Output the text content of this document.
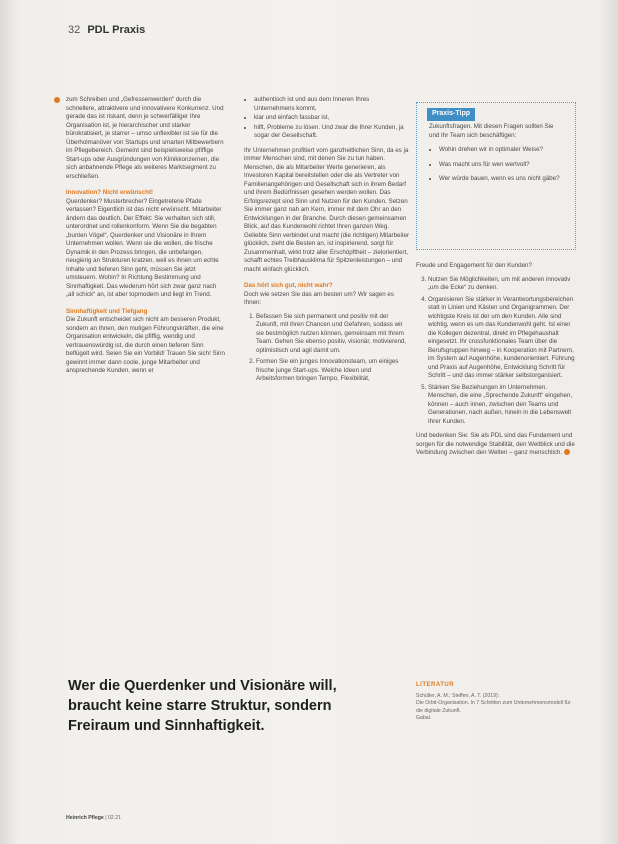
32 PDL Praxis

zum Schreiben und „Gefressenwerden“ durch die schnellere, attraktivere und innovativere Konkurrenz. Und gerade das ist riskant, denn je schwerfälliger Ihre Organisation ist, je hierarchischer und starker bürokratisiert, je starrer – umso unflexibler ist sie für die Überholmanöver von Startups und smarten Mitbewerbern im Pflegebereich. Gemeint sind beispielsweise pfiffige Start-ups oder Ausgründungen von Klinikkonzernen, die sich anbahnende Pflege als weiteres Marktsegment zu erschließen.

Innovation? Nicht erwünscht!

Querdenker? Musterbrecher? Eingetretene Pfade verlassen? Eigentlich ist das nicht erwünscht. Mitarbeiter ändern das deutlich. Der Effekt: Sie verhalten sich still, unterordnet und rollenkonform. Wenn Sie die begabten „bunten Vögel“, Querdenker und Visionäre in Ihrem Unternehmen wollen. Wenn sie die wollen, die frische Dynamik in den Prozess bringen, die unbefangen, neugierig an Strukturen kratzen, weil es ihnen um echte Inhalte und tieferen Sinn geht, müssen Sie jetzt umsteuern. Wohin? In Richtung Bestimmung und Sinnhaftigkeit. Das wiederum hört sich zwar ganz nach „all schick“ an, ist aber topmodern und liegt im Trend.

Sinnhaftigkeit und Tiefgang

Die Zukunft entscheidet sich nicht am besseren Produkt, sondern an Ihnen, den mutigen Führungskräften, die eine Organisation entwickeln, die pfiffig, wendig und vertrauenswürdig ist, die durch einen tieferen Sinn beflügelt wird. Seien Sie ein Vorbild! Trauen Sie sich! Sinn gewinnt immer dann coole, junge Mitarbeiter und ansprechende Kunden, wenn er

• authentisch ist und aus dem Inneren Ihres Unternehmens kommt,
• klar und einfach fassbar ist,
• hilft, Probleme zu lösen. Und zwar die Ihrer Kunden, ja sogar der Gesellschaft.

Ihr Unternehmen profitiert vom ganzheitlichen Sinn, da es ja immer Menschen sind, mit denen Sie zu tun haben. Menschen, die als Mitarbeiter Werte generieren, als Investoren Kapital bereitstellen oder die als Vertreter von Familienangehörigen und Gesellschaft sich in ihrem Bedarf und ihrem Bedürfnissen gesehen werden wollen. Das Erfolgsrezept sind Sinn und Nutzen für den Kunden. Setzen Sie immer ganz nah am Kern, immer mit dem Ohr an den Entwicklungen in der Branche. Durch diesen gemeinsamen Blick, auf das Kundenwohl richtet Ihren ganzen Weg. Geliebte Sinn verbindet und macht (die richtigen) Mitarbeiter glücklich, zieht die Besten an, ist inspirierend, sorgt für Zusammenhalt, wirkt trotz aller Erschöpftheit – zielorientiert, schafft echtes Treibhausklima für Spitzenleistungen – und macht einfach glücklich.

Das hört sich gut, nicht wahr?

Doch wie setzen Sie das am besten um? Wir sagen es Ihnen:

1. Befassen Sie sich permanent und positiv mit der Zukunft, mit ihren Chancen und Gefahren, sodass wir sie bestmöglich nutzen können, gemeinsam mit Ihrem Team. Gehen Sie ebenso positiv, visionär, motivierend, optimistisch und agil damit um.
2. Formen Sie ein junges Innovationsteam, um einiges frische junge Start-ups. Welche Ideen und Arbeitsformen bringen Tempo, Flexibilität,
Praxis-Tipp
Zukunftsfragen. Mit diesen Fragen sollten Sie und Ihr Team sich beschäftigen:
• Wohin drehen wir in optimaler Weise?
• Was macht uns für wen wertvoll?
• Wer würde bauen, wenn es uns nicht gäbe?

Freude und Engagement für den Kunden?

3. Nutzen Sie Möglichkeiten, um mit anderen innovativ „um die Ecke“ zu denken.
4. Organisieren Sie stärker in Verantwortungsbereichen statt in Linien und Kästen und Organigrammen. Der wichtigste Kreis ist der um den Kunden. Alle sind wichtig, wenn es um das Kundenwohl geht. Ist einer die Kollegen dezentral, direkt im Pflegehaushalt eingesetzt. Ihr crossfunktionales Team über die Berufsgruppen hinweg – in Kooperation mit Partnern, im System auf Augenhöhe, kundenorientiert. Führung und Praxis auf Augenhöhe, Entwicklung Schritt für Schritt – und das immer stärker selbstorganisiert.
5. Stärken Sie Beziehungen im Unternehmen. Menschen, die eine „Sprechende Zukunft“ eingehen, können – auch innen, zwischen den Teams und Generationen, nach außen, hinein in die Lebenswelt Ihrer Kunden.

Und bedenken Sie: Sie als PDL sind das Fundament und sorgen für die notwendige Stabilität, den Weitblick und die Verbindung zwischen den Welten – ganz menschlich.

Wer die Querdenker und Visionäre will, braucht keine starre Struktur, sondern Freiraum und Sinnhaftigkeit.
LITERATUR
Schüller, A. M.; Steffen, A. T. (2019):
Die Orbit-Organisation. In 7 Schritten zum Unternehmensmodell für die digitale Zukunft.
Gabal.
Heinrich Pflege | 02.21
